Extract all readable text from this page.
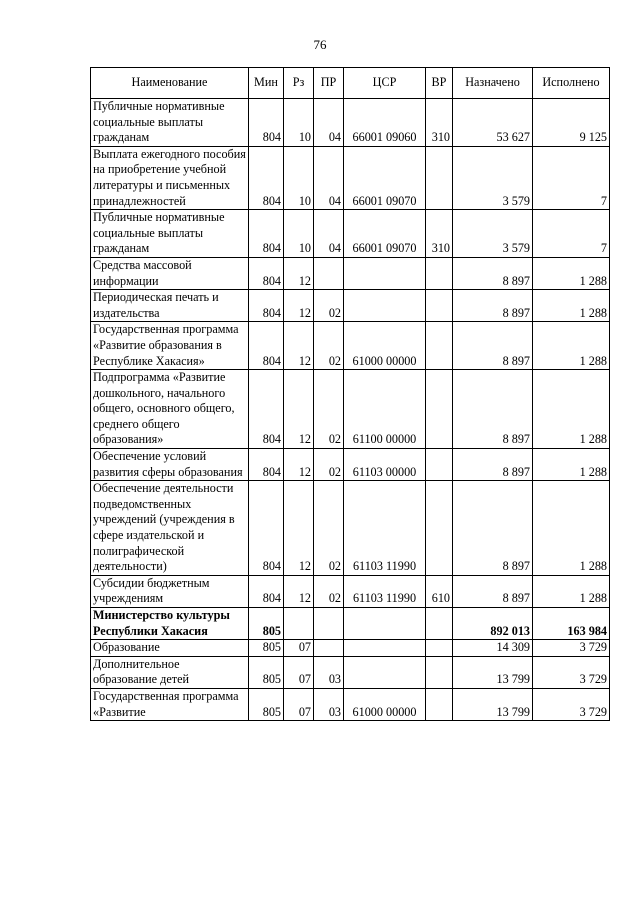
76
Наименование	Мин	Рз	ПР	ЦСР	ВР	Назначено	Исполнено
Публичные нормативные социальные выплаты гражданам	804	10	04	66001 09060	310	53 627	9 125
Выплата ежегодного пособия на приобретение учебной литературы и письменных принадлежностей	804	10	04	66001 09070		3 579	7
Публичные нормативные социальные выплаты гражданам	804	10	04	66001 09070	310	3 579	7
Средства массовой информации	804	12				8 897	1 288
Периодическая печать и издательства	804	12	02			8 897	1 288
Государственная программа «Развитие образования в Республике Хакасия»	804	12	02	61000 00000		8 897	1 288
Подпрограмма «Развитие дошкольного, начального общего, основного общего, среднего общего образования»	804	12	02	61100 00000		8 897	1 288
Обеспечение условий развития сферы образования	804	12	02	61103 00000		8 897	1 288
Обеспечение деятельности подведомственных учреждений (учреждения в сфере издательской и полиграфической деятельности)	804	12	02	61103 11990		8 897	1 288
Субсидии бюджетным учреждениям	804	12	02	61103 11990	610	8 897	1 288
Министерство культуры Республики Хакасия	805					892 013	163 984
Образование	805	07				14 309	3 729
Дополнительное образование детей	805	07	03			13 799	3 729
Государственная программа «Развитие	805	07	03	61000 00000		13 799	3 729
